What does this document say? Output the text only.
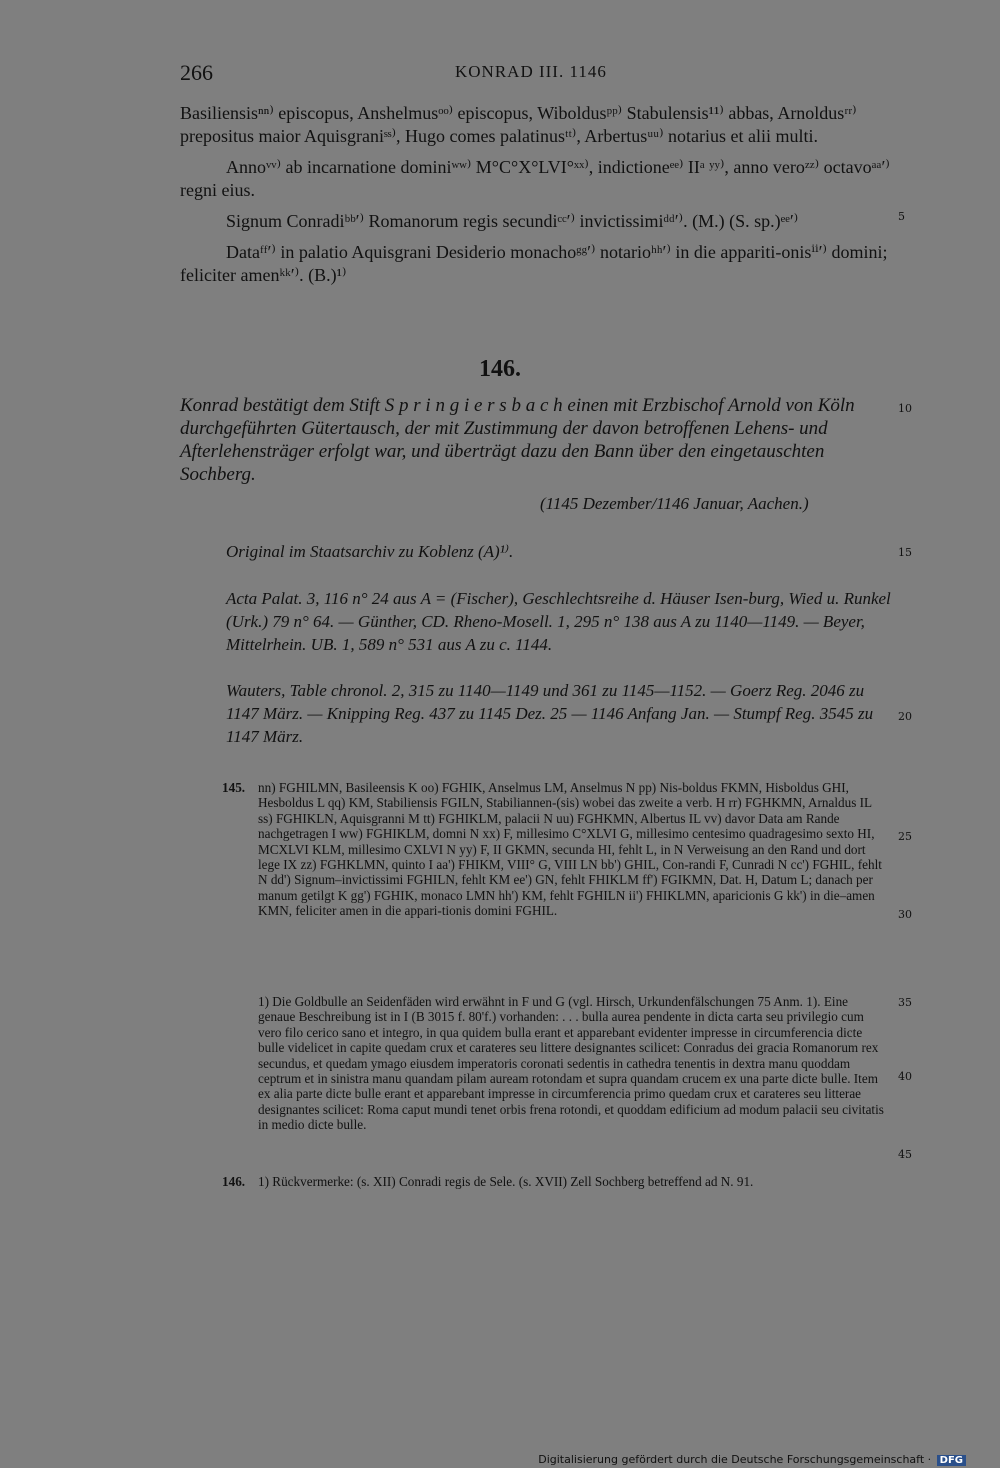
266	KONRAD III. 1146

Basiliensisⁿⁿ⁾ episcopus, Anshelmusᵒᵒ⁾ episcopus, Wiboldusᵖᵖ⁾ Stabulensis¹¹⁾ abbas, Arnoldusʳʳ⁾ prepositus maior Aquisgraniˢˢ⁾, Hugo comes palatinusᵗᵗ⁾, Arbertusᵘᵘ⁾ notarius et alii multi.

Annoᵛᵛ⁾ ab incarnatione dominiʷʷ⁾ M°C°X°LVI°ˣˣ⁾, indictioneᵉᵉ⁾ IIᵃ ʸʸ⁾, anno veroᶻᶻ⁾ octavoᵃᵃ′⁾ regni eius.

Signum Conradiᵇᵇ′⁾ Romanorum regis secundiᶜᶜ′⁾ invictissimiᵈᵈ′⁾. (M.) (S. sp.)ᵉᵉ′⁾

Dataᶠᶠ′⁾ in palatio Aquisgrani Desiderio monachoᵍᵍ′⁾ notarioʰʰ′⁾ in die appariti-onisⁱⁱ′⁾ domini; feliciter amenᵏᵏ′⁾. (B.)¹⁾

5
10
15
20
25
30
35
40
45
146.
Konrad bestätigt dem Stift S p r i n g i e r s b a c h einen mit Erzbischof Arnold von Köln durchgeführten Gütertausch, der mit Zustimmung der davon betroffenen Lehens- und Afterlehensträger erfolgt war, und überträgt dazu den Bann über den eingetauschten Sochberg.
(1145 Dezember/1146 Januar, Aachen.)
Original im Staatsarchiv zu Koblenz (A)¹⁾.
Acta Palat. 3, 116 n° 24 aus A = (Fischer), Geschlechtsreihe d. Häuser Isen-burg, Wied u. Runkel (Urk.) 79 n° 64. — Günther, CD. Rheno-Mosell. 1, 295 n° 138 aus A zu 1140—1149. — Beyer, Mittelrhein. UB. 1, 589 n° 531 aus A zu c. 1144.
Wauters, Table chronol. 2, 315 zu 1140—1149 und 361 zu 1145—1152. — Goerz Reg. 2046 zu 1147 März. — Knipping Reg. 437 zu 1145 Dez. 25 — 1146 Anfang Jan. — Stumpf Reg. 3545 zu 1147 März.
145. nn) FGHILMN, Basileensis K oo) FGHIK, Anselmus LM, Anselmus N pp) Nis-boldus FKMN, Hisboldus GHI, Hesboldus L qq) KM, Stabiliensis FGILN, Stabiliannen-(sis) wobei das zweite a verb. H rr) FGHKMN, Arnaldus IL ss) FGHIKLN, Aquisgranni M tt) FGHIKLM, palacii N uu) FGHKMN, Albertus IL vv) davor Data am Rande nachgetragen I ww) FGHIKLM, domni N xx) F, millesimo C°XLVI G, millesimo centesimo quadragesimo sexto HI, MCXLVI KLM, millesimo CXLVI N yy) F, II GKMN, secunda HI, fehlt L, in N Verweisung an den Rand und dort lege IX zz) FGHKLMN, quinto I aa') FHIKM, VIII° G, VIII LN bb') GHIL, Con-randi F, Cunradi N cc') FGHIL, fehlt N dd') Signum–invictissimi FGHILN, fehlt KM ee') GN, fehlt FHIKLM ff') FGIKMN, Dat. H, Datum L; danach per manum getilgt K gg') FGHIK, monaco LMN hh') KM, fehlt FGHILN ii') FHIKLMN, aparicionis G kk') in die–amen KMN, feliciter amen in die appari-tionis domini FGHIL.
1) Die Goldbulle an Seidenfäden wird erwähnt in F und G (vgl. Hirsch, Urkundenfälschungen 75 Anm. 1). Eine genaue Beschreibung ist in I (B 3015 f. 80'f.) vorhanden: . . . bulla aurea pendente in dicta carta seu privilegio cum vero filo cerico sano et integro, in qua quidem bulla erant et apparebant evidenter impresse in circumferencia dicte bulle videlicet in capite quedam crux et carateres seu littere designantes scilicet: Conradus dei gracia Romanorum rex secundus, et quedam ymago eiusdem imperatoris coronati sedentis in cathedra tenentis in dextra manu quoddam ceptrum et in sinistra manu quandam pilam auream rotondam et supra quandam crucem ex una parte dicte bulle. Item ex alia parte dicte bulle erant et apparebant impresse in circumferencia primo quedam crux et carateres seu litterae designantes scilicet: Roma caput mundi tenet orbis frena rotondi, et quoddam edificium ad modum palacii seu civitatis in medio dicte bulle.
146. 1) Rückvermerke: (s. XII) Conradi regis de Sele. (s. XVII) Zell Sochberg betreffend ad N. 91.
Digitalisierung gefördert durch die Deutsche Forschungsgemeinschaft · DFG
